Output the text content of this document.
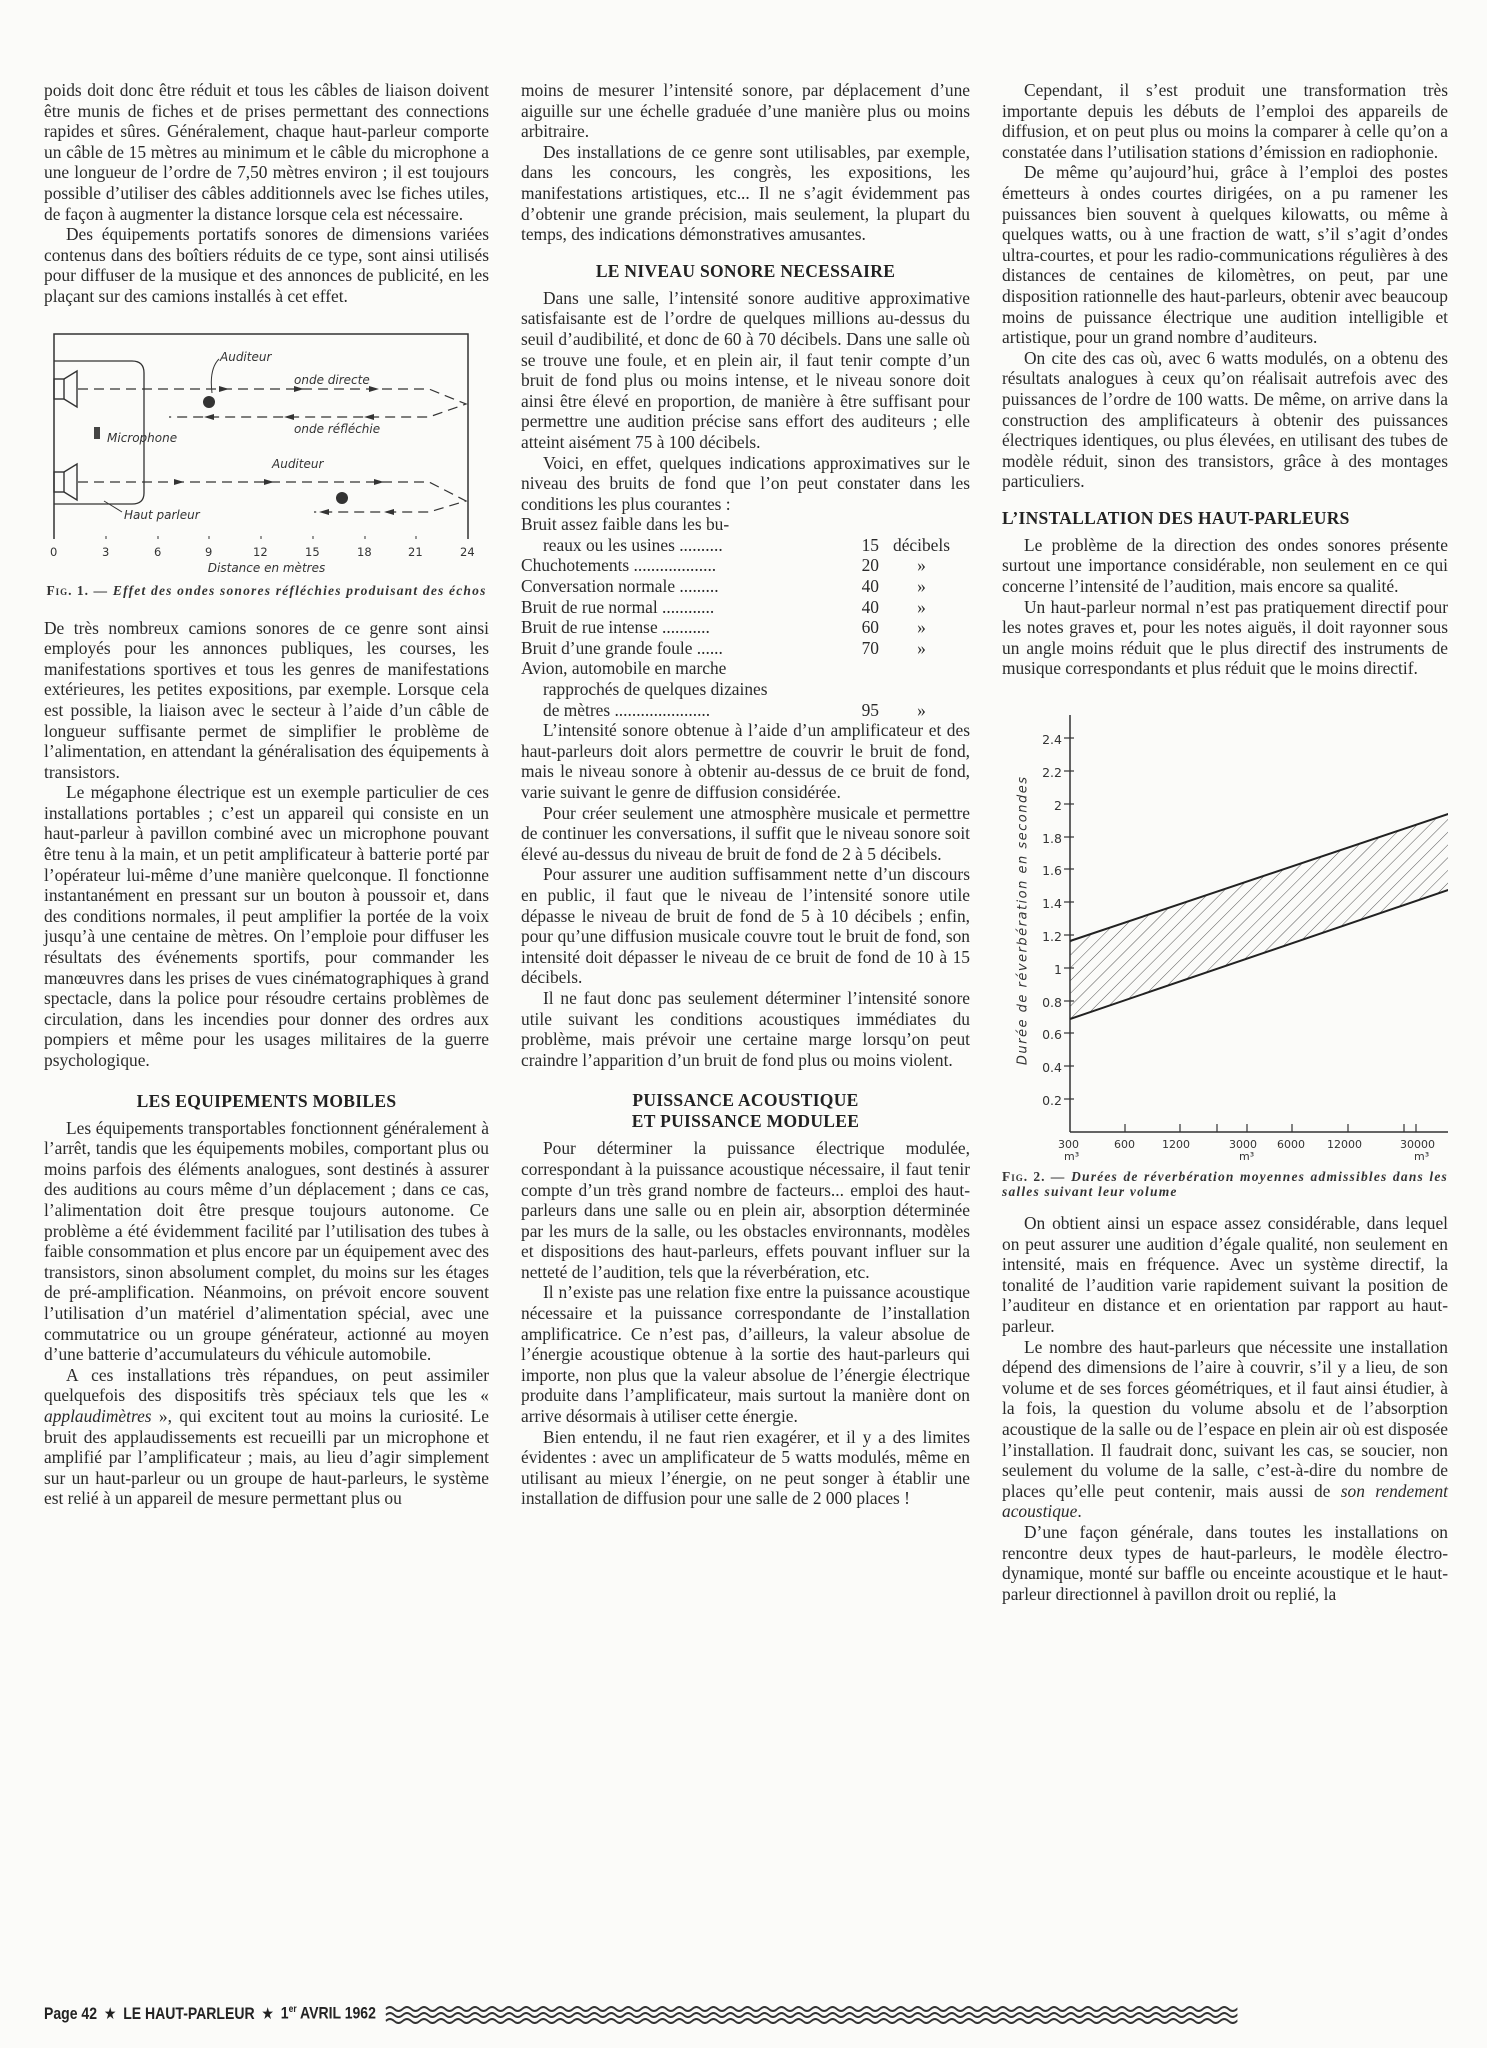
poids doit donc être réduit et tous les câbles de liaison doivent être munis de fiches et de prises permettant des connections rapides et sûres. Généralement, chaque haut-parleur comporte un câble de 15 mètres au minimum et le câble du microphone a une longueur de l’ordre de 7,50 mètres environ ; il est toujours possible d’utiliser des câbles additionnels avec lse fiches utiles, de façon à augmenter la distance lorsque cela est nécessaire.

Des équipements portatifs sonores de dimensions variées contenus dans des boîtiers réduits de ce type, sont ainsi utilisés pour diffuser de la musique et des annonces de publicité, en les plaçant sur des camions installés à cet effet.

Auditeur
onde directe
onde réfléchie
Microphone
Auditeur
Haut parleur
0	3	6	9	12	15	18	21	24
Distance en mètres
Fig. 1. — Effet des ondes sonores réfléchies produisant des échos

De très nombreux camions sonores de ce genre sont ainsi employés pour les annonces publiques, les courses, les manifestations sportives et tous les genres de manifestations extérieures, les petites expositions, par exemple. Lorsque cela est possible, la liaison avec le secteur à l’aide d’un câble de longueur suffisante permet de simplifier le problème de l’alimentation, en attendant la généralisation des équipements à transistors.

Le mégaphone électrique est un exemple particulier de ces installations portables ; c’est un appareil qui consiste en un haut-parleur à pavillon combiné avec un microphone pouvant être tenu à la main, et un petit amplificateur à batterie porté par l’opérateur lui-même d’une manière quelconque. Il fonctionne instantanément en pressant sur un bouton à poussoir et, dans des conditions normales, il peut amplifier la portée de la voix jusqu’à une centaine de mètres. On l’emploie pour diffuser les résultats des événements sportifs, pour commander les manœuvres dans les prises de vues cinématographiques à grand spectacle, dans la police pour résoudre certains problèmes de circulation, dans les incendies pour donner des ordres aux pompiers et même pour les usages militaires de la guerre psychologique.

LES EQUIPEMENTS MOBILES

Les équipements transportables fonctionnent généralement à l’arrêt, tandis que les équipements mobiles, comportant plus ou moins parfois des éléments analogues, sont destinés à assurer des auditions au cours même d’un déplacement ; dans ce cas, l’alimentation doit être presque toujours autonome. Ce problème a été évidemment facilité par l’utilisation des tubes à faible consommation et plus encore par un équipement avec des transistors, sinon absolument complet, du moins sur les étages de pré-amplification. Néanmoins, on prévoit encore souvent l’utilisation d’un matériel d’alimentation spécial, avec une commutatrice ou un groupe générateur, actionné au moyen d’une batterie d’accumulateurs du véhicule automobile.

A ces installations très répandues, on peut assimiler quelquefois des dispositifs très spéciaux tels que les « applaudimètres », qui excitent tout au moins la curiosité. Le bruit des applaudissements est recueilli par un microphone et amplifié par l’amplificateur ; mais, au lieu d’agir simplement sur un haut-parleur ou un groupe de haut-parleurs, le système est relié à un appareil de mesure permettant plus ou

moins de mesurer l’intensité sonore, par déplacement d’une aiguille sur une échelle graduée d’une manière plus ou moins arbitraire.

Des installations de ce genre sont utilisables, par exemple, dans les concours, les congrès, les expositions, les manifestations artistiques, etc... Il ne s’agit évidemment pas d’obtenir une grande précision, mais seulement, la plupart du temps, des indications démonstratives amusantes.

LE NIVEAU SONORE NECESSAIRE

Dans une salle, l’intensité sonore auditive approximative satisfaisante est de l’ordre de quelques millions au-dessus du seuil d’audibilité, et donc de 60 à 70 décibels. Dans une salle où se trouve une foule, et en plein air, il faut tenir compte d’un bruit de fond plus ou moins intense, et le niveau sonore doit ainsi être élevé en proportion, de manière à être suffisant pour permettre une audition précise sans effort des auditeurs ; elle atteint aisément 75 à 100 décibels.

Voici, en effet, quelques indications approximatives sur le niveau des bruits de fond que l’on peut constater dans les conditions les plus courantes :

Bruit assez faible dans les bu-
reaux ou les usines ..........	15 décibels
Chuchotements ...................	20	»
Conversation normale .........	40	»
Bruit de rue normal ............	40	»
Bruit de rue intense ...........	60	»
Bruit d’une grande foule ......	70	»
Avion, automobile en marche
rapprochés de quelques dizaines
de mètres ......................	95	»

L’intensité sonore obtenue à l’aide d’un amplificateur et des haut-parleurs doit alors permettre de couvrir le bruit de fond, mais le niveau sonore à obtenir au-dessus de ce bruit de fond, varie suivant le genre de diffusion considérée.

Pour créer seulement une atmosphère musicale et permettre de continuer les conversations, il suffit que le niveau sonore soit élevé au-dessus du niveau de bruit de fond de 2 à 5 décibels.

Pour assurer une audition suffisamment nette d’un discours en public, il faut que le niveau de l’intensité sonore utile dépasse le niveau de bruit de fond de 5 à 10 décibels ; enfin, pour qu’une diffusion musicale couvre tout le bruit de fond, son intensité doit dépasser le niveau de ce bruit de fond de 10 à 15 décibels.

Il ne faut donc pas seulement déterminer l’intensité sonore utile suivant les conditions acoustiques immédiates du problème, mais prévoir une certaine marge lorsqu’on peut craindre l’apparition d’un bruit de fond plus ou moins violent.

PUISSANCE ACOUSTIQUE
ET PUISSANCE MODULEE

Pour déterminer la puissance électrique modulée, correspondant à la puissance acoustique nécessaire, il faut tenir compte d’un très grand nombre de facteurs... emploi des haut-parleurs dans une salle ou en plein air, absorption déterminée par les murs de la salle, ou les obstacles environnants, modèles et dispositions des haut-parleurs, effets pouvant influer sur la netteté de l’audition, tels que la réverbération, etc.

Il n’existe pas une relation fixe entre la puissance acoustique nécessaire et la puissance correspondante de l’installation amplificatrice. Ce n’est pas, d’ailleurs, la valeur absolue de l’énergie acoustique obtenue à la sortie des haut-parleurs qui importe, non plus que la valeur absolue de l’énergie électrique produite dans l’amplificateur, mais surtout la manière dont on arrive désormais à utiliser cette énergie.

Bien entendu, il ne faut rien exagérer, et il y a des limites évidentes : avec un amplificateur de 5 watts modulés, même en utilisant au mieux l’énergie, on ne peut songer à établir une installation de diffusion pour une salle de 2 000 places !

Cependant, il s’est produit une transformation très importante depuis les débuts de l’emploi des appareils de diffusion, et on peut plus ou moins la comparer à celle qu’on a constatée dans l’utilisation stations d’émission en radiophonie.

De même qu’aujourd’hui, grâce à l’emploi des postes émetteurs à ondes courtes dirigées, on a pu ramener les puissances bien souvent à quelques kilowatts, ou même à quelques watts, ou à une fraction de watt, s’il s’agit d’ondes ultra-courtes, et pour les radio-communications régulières à des distances de centaines de kilomètres, on peut, par une disposition rationnelle des haut-parleurs, obtenir avec beaucoup moins de puissance électrique une audition intelligible et artistique, pour un grand nombre d’auditeurs.

On cite des cas où, avec 6 watts modulés, on a obtenu des résultats analogues à ceux qu’on réalisait autrefois avec des puissances de l’ordre de 100 watts. De même, on arrive dans la construction des amplificateurs à obtenir des puissances électriques identiques, ou plus élevées, en utilisant des tubes de modèle réduit, sinon des transistors, grâce à des montages particuliers.

L’INSTALLATION DES HAUT-PARLEURS

Le problème de la direction des ondes sonores présente surtout une importance considérable, non seulement en ce qui concerne l’intensité de l’audition, mais encore sa qualité.

Un haut-parleur normal n’est pas pratiquement directif pour les notes graves et, pour les notes aiguës, il doit rayonner sous un angle moins réduit que le plus directif des instruments de musique correspondants et plus réduit que le moins directif.

0.2
0.4
0.6
0.8
1
1.2
1.4
1.6
1.8
2
2.2
2.4
Durée de réverbération en secondes
300	600 1200	3000 6000 12000	30000
m³	m³	m³
Fig. 2. — Durées de réverbération moyennes admissibles dans les salles suivant leur volume

On obtient ainsi un espace assez considérable, dans lequel on peut assurer une audition d’égale qualité, non seulement en intensité, mais en fréquence. Avec un système directif, la tonalité de l’audition varie rapidement suivant la position de l’auditeur en distance et en orientation par rapport au haut-parleur.

Le nombre des haut-parleurs que nécessite une installation dépend des dimensions de l’aire à couvrir, s’il y a lieu, de son volume et de ses forces géométriques, et il faut ainsi étudier, à la fois, la question du volume absolu et de l’absorption acoustique de la salle ou de l’espace en plein air où est disposée l’installation. Il faudrait donc, suivant les cas, se soucier, non seulement du volume de la salle, c’est-à-dire du nombre de places qu’elle peut contenir, mais aussi de son rendement acoustique.

D’une façon générale, dans toutes les installations on rencontre deux types de haut-parleurs, le modèle électro-dynamique, monté sur baffle ou enceinte acoustique et le haut-parleur directionnel à pavillon droit ou replié, la

Page 42 ★ LE HAUT-PARLEUR ★ 1er AVRIL 1962
